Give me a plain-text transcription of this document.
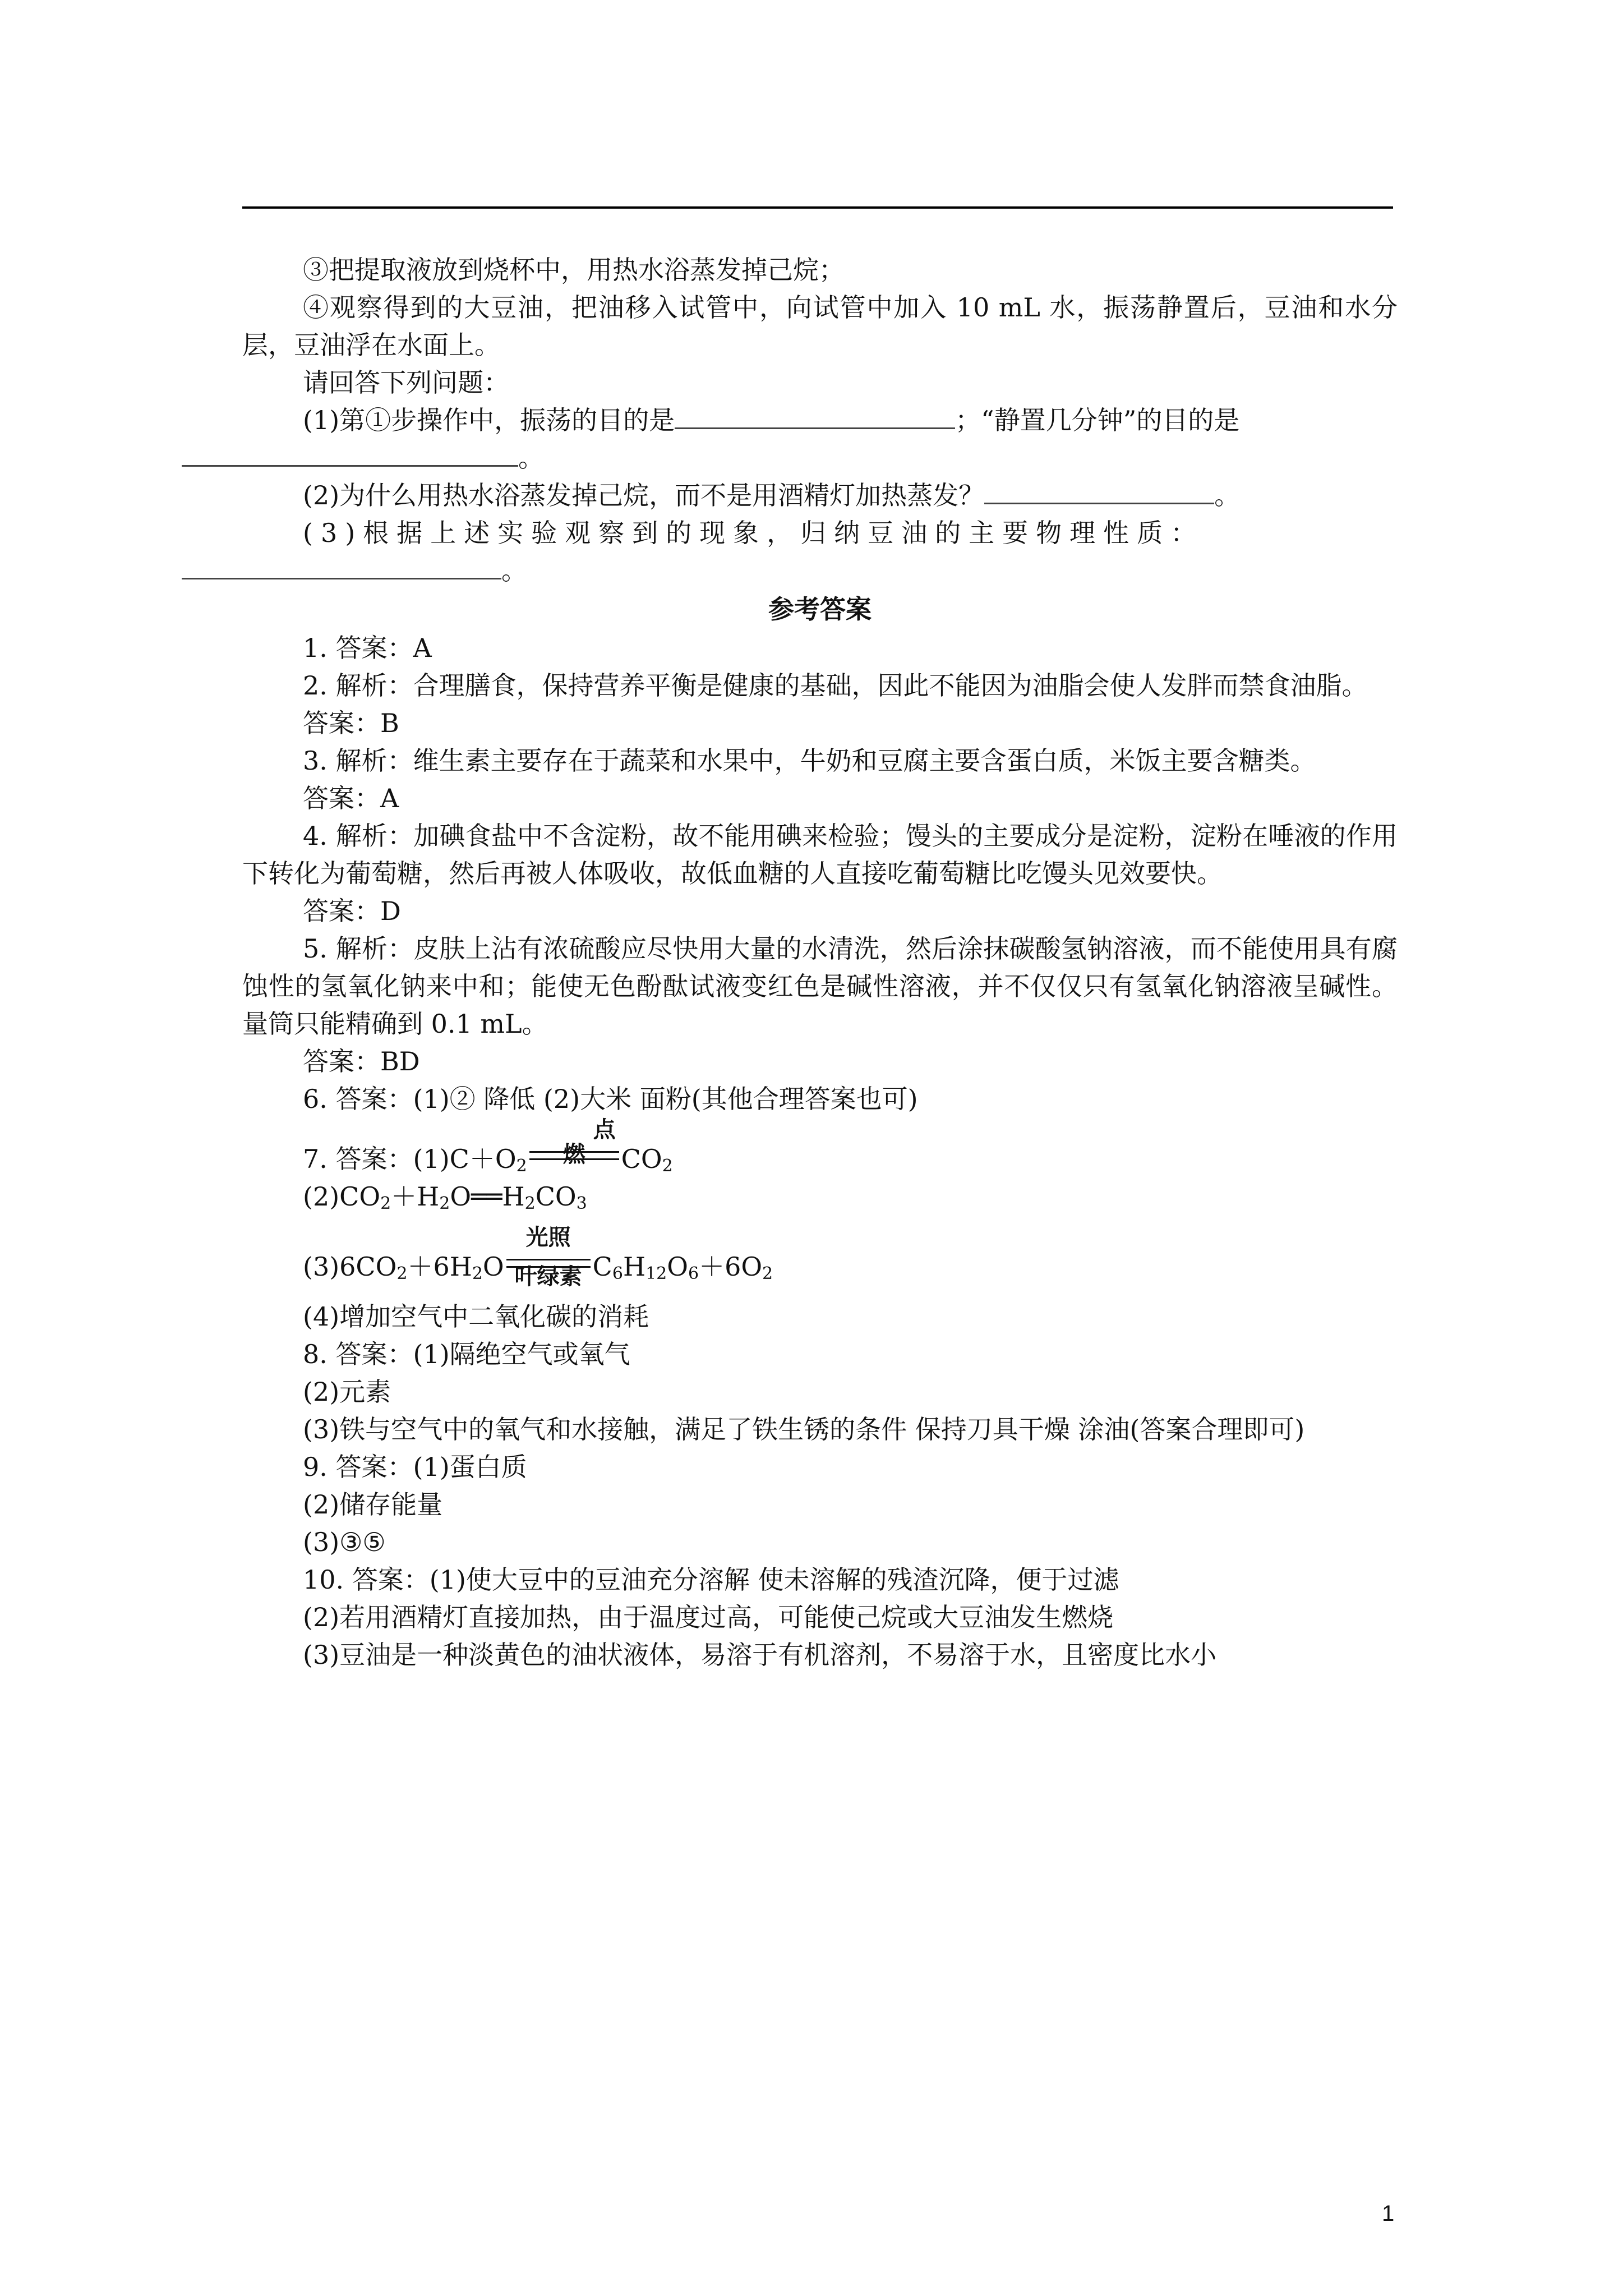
③把提取液放到烧杯中，用热水浴蒸发掉己烷；

④观察得到的大豆油，把油移入试管中，向试管中加入 10 mL 水，振荡静置后，豆油和水分层，豆油浮在水面上。

请回答下列问题：

(1)第①步操作中，振荡的目的是	；“静置几分钟”的目的是
。

(2)为什么用热水浴蒸发掉己烷，而不是用酒精灯加热蒸发？	。

(3)根据上述实验观察到的现象，归纳豆油的主要物理性质：
。

参考答案

1. 答案：A

2. 解析：合理膳食，保持营养平衡是健康的基础，因此不能因为油脂会使人发胖而禁食油脂。

答案：B

3. 解析：维生素主要存在于蔬菜和水果中，牛奶和豆腐主要含蛋白质，米饭主要含糖类。

答案：A

4. 解析：加碘食盐中不含淀粉，故不能用碘来检验；馒头的主要成分是淀粉，淀粉在唾液的作用下转化为葡萄糖，然后再被人体吸收，故低血糖的人直接吃葡萄糖比吃馒头见效要快。

答案：D

5. 解析：皮肤上沾有浓硫酸应尽快用大量的水清洗，然后涂抹碳酸氢钠溶液，而不能使用具有腐蚀性的氢氧化钠来中和；能使无色酚酞试液变红色是碱性溶液，并不仅仅只有氢氧化钠溶液呈碱性。量筒只能精确到 0.1 mL。

答案：BD

6. 答案：(1)② 降低 (2)大米 面粉(其他合理答案也可)

7. 答案：$(1)C+O_2$
点燃	$CO_2$

$(2)CO_2+H_2O══H_2CO_3$

$(3)6CO_2+6H_2O$
光照
叶绿素 $C_6H_{12}O_6+6O_2$

(4)增加空气中二氧化碳的消耗

8. 答案：(1)隔绝空气或氧气

(2)元素

(3)铁与空气中的氧气和水接触，满足了铁生锈的条件 保持刀具干燥 涂油(答案合理即可)

9. 答案：(1)蛋白质

(2)储存能量

(3)③⑤

10. 答案：(1)使大豆中的豆油充分溶解 使未溶解的残渣沉降，便于过滤

(2)若用酒精灯直接加热，由于温度过高，可能使己烷或大豆油发生燃烧

(3)豆油是一种淡黄色的油状液体，易溶于有机溶剂，不易溶于水，且密度比水小

1
